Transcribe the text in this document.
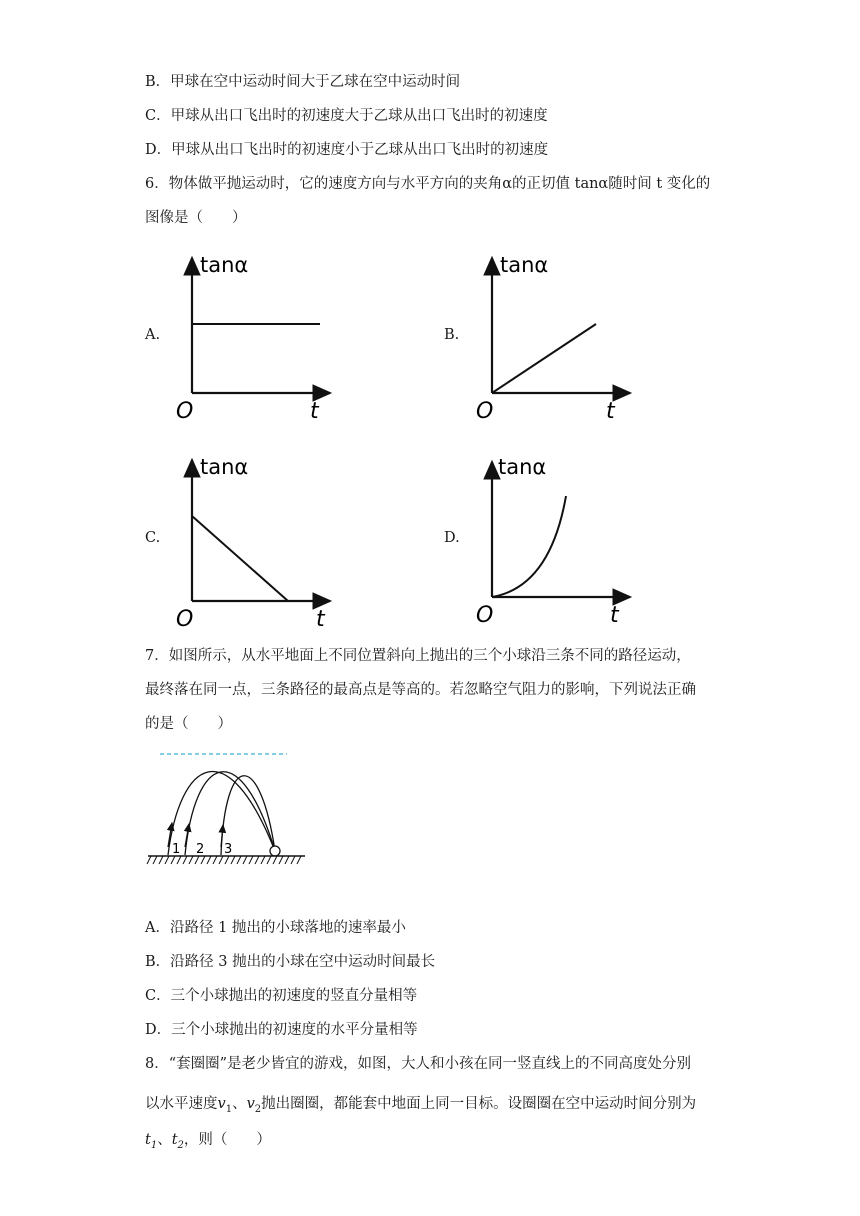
B．甲球在空中运动时间大于乙球在空中运动时间
C．甲球从出口飞出时的初速度大于乙球从出口飞出时的初速度
D．甲球从出口飞出时的初速度小于乙球从出口飞出时的初速度
6．物体做平抛运动时，它的速度方向与水平方向的夹角α的正切值 tanα随时间 t 变化的
图像是（　　）
A.
tanα
O	t
B.
tanα
O	t
C.
tanα
O	t
D.
tanα
O	t
7．如图所示，从水平地面上不同位置斜向上抛出的三个小球沿三条不同的路径运动，
最终落在同一点，三条路径的最高点是等高的。若忽略空气阻力的影响，下列说法正确
的是（　　）
1 2 3
A．沿路径 1 抛出的小球落地的速率最小
B．沿路径 3 抛出的小球在空中运动时间最长
C．三个小球抛出的初速度的竖直分量相等
D．三个小球抛出的初速度的水平分量相等
8．“套圈圈”是老少皆宜的游戏，如图，大人和小孩在同一竖直线上的不同高度处分别
以水平速度$v_1$、$v_2$抛出圈圈，都能套中地面上同一目标。设圈圈在空中运动时间分别为
$t_1$、$t_2$，则（　　）
